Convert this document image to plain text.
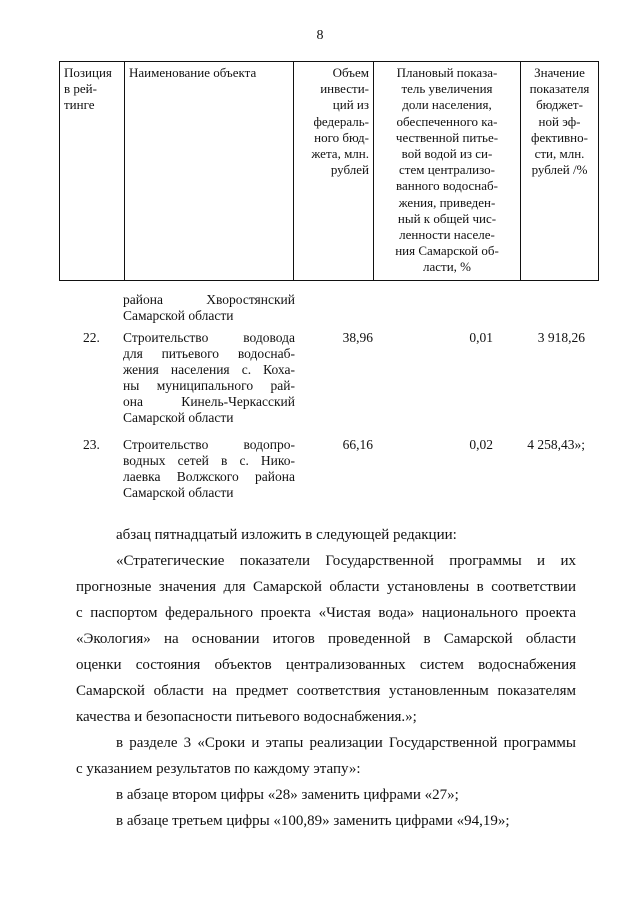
8
Позиция
в рей-
тинге	Наименование объекта	Объем
инвести-
ций из
федераль-
ного бюд-
жета, млн.
рублей	Плановый показа-
тель увеличения
доли населения,
обеспеченного ка-
чественной питье-
вой водой из си-
стем централизо-
ванного водоснаб-
жения, приведен-
ный к общей чис-
ленности населе-
ния Самарской об-
ласти, %	Значение
показателя
бюджет-
ной эф-
фективно-
сти, млн.
рублей /%
района Хворостянский
Самарской области
22. Строительство водовода
для питьевого водоснаб-
жения населения с. Коха-
ны муниципального рай-
она Кинель-Черкасский
Самарской области
38,96	0,01	3 918,26
23. Строительство водопро-
водных сетей в с. Нико-
лаевка Волжского района
Самарской области
66,16	0,02	4 258,43»;

абзац пятнадцатый изложить в следующей редакции:

«Стратегические показатели Государственной программы и их
прогнозные значения для Самарской области установлены в соответствии
с паспортом федерального проекта «Чистая вода» национального проекта
«Экология» на основании итогов проведенной в Самарской области
оценки состояния объектов централизованных систем водоснабжения
Самарской области на предмет соответствия установленным показателям
качества и безопасности питьевого водоснабжения.»;
в разделе 3 «Сроки и этапы реализации Государственной программы
с указанием результатов по каждому этапу»:

в абзаце втором цифры «28» заменить цифрами «27»;

в абзаце третьем цифры «100,89» заменить цифрами «94,19»;
